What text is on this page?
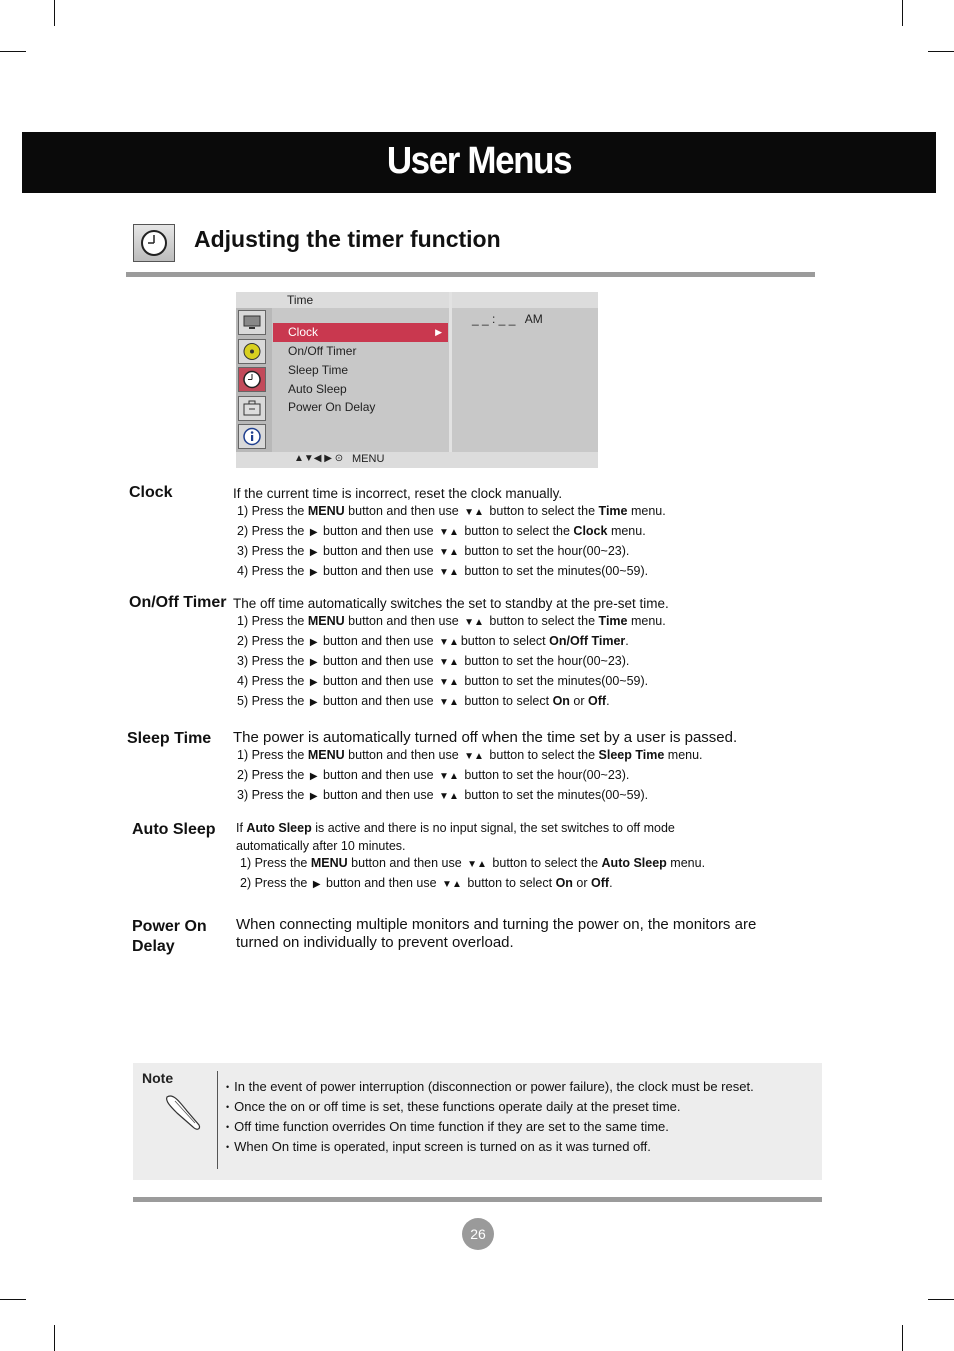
User Menus
Adjusting the timer function
Time
Clock	▶
On/Off Timer
Sleep Time
Auto Sleep
Power On Delay
_ _ : _ _   AM
▲▼◀ ▶ ⊙ MENU
Clock	If the current time is incorrect, reset the clock manually.
1) Press the MENU button and then use ▼▲ button to select the Time menu.
2) Press the ▶ button and then use ▼▲ button to select the Clock menu.
3) Press the ▶ button and then use ▼▲ button to set the hour(00~23).
4) Press the ▶ button and then use ▼▲ button to set the minutes(00~59).
On/Off Timer The off time automatically switches the set to standby at the pre-set time.
1) Press the MENU button and then use ▼▲ button to select the Time menu.
2) Press the ▶ button and then use ▼▲ button to select On/Off Timer.
3) Press the ▶ button and then use ▼▲ button to set the hour(00~23).
4) Press the ▶ button and then use ▼▲ button to set the minutes(00~59).
5) Press the ▶ button and then use ▼▲ button to select On or Off.
Sleep Time The power is automatically turned off when the time set by a user is passed.
1) Press the MENU button and then use ▼▲ button to select the Sleep Time menu.
2) Press the ▶ button and then use ▼▲ button to set the hour(00~23).
3) Press the ▶ button and then use ▼▲ button to set the minutes(00~59).
Auto Sleep If Auto Sleep is active and there is no input signal, the set switches to off mode
automatically after 10 minutes.
1) Press the MENU button and then use ▼▲ button to select the Auto Sleep menu.
2) Press the ▶ button and then use ▼▲ button to select On or Off.
Power On
Delay
When connecting multiple monitors and turning the power on, the monitors are
turned on individually to prevent overload.
Note
• In the event of power interruption (disconnection or power failure), the clock must be reset.
• Once the on or off time is set, these functions operate daily at the preset time.
• Off time function overrides On time function if they are set to the same time.
• When On time is operated, input screen is turned on as it was turned off.
26
